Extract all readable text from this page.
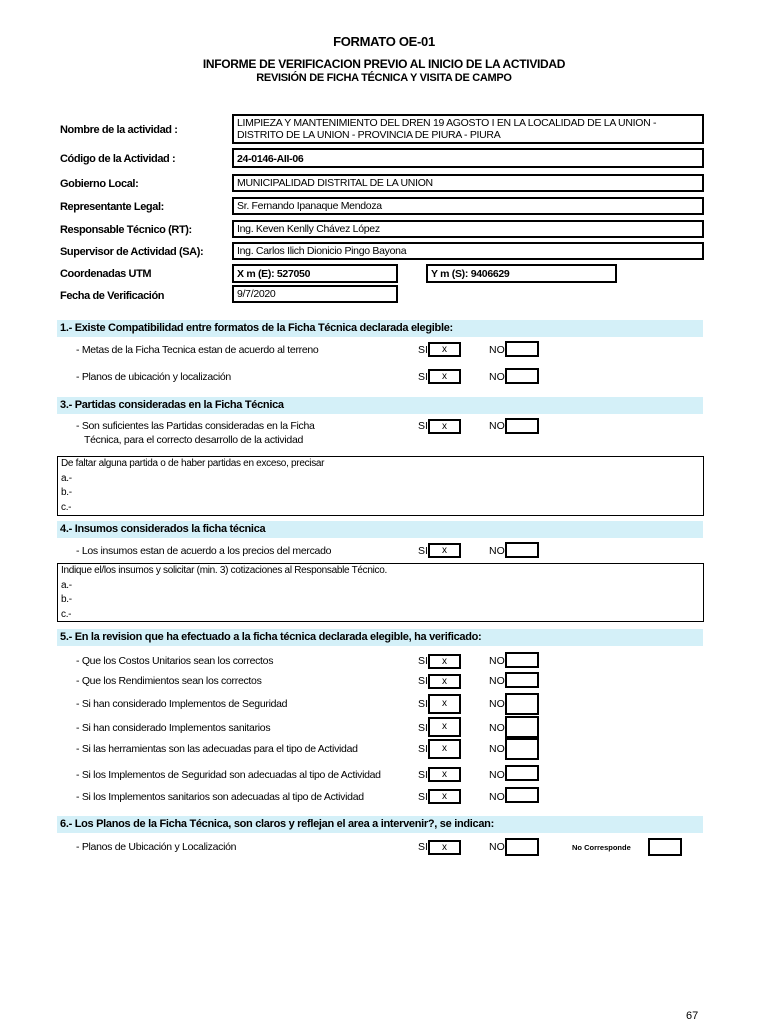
FORMATO OE-01
INFORME DE VERIFICACION PREVIO AL INICIO DE LA ACTIVIDAD
REVISIÓN DE FICHA TÉCNICA Y VISITA DE CAMPO
Nombre de la actividad :
LIMPIEZA Y MANTENIMIENTO DEL DREN 19 AGOSTO I EN LA LOCALIDAD DE LA UNION - DISTRITO DE LA UNION - PROVINCIA DE PIURA - PIURA
Código de la Actividad :	24-0146-AII-06
Gobierno Local:	MUNICIPALIDAD DISTRITAL DE LA UNION
Representante Legal:	Sr. Fernando Ipanaque Mendoza
Responsable Técnico (RT):	Ing. Keven Kenlly Chávez López
Supervisor de Actividad (SA):	Ing. Carlos Ilich Dionicio Pingo Bayona
Coordenadas UTM	X m (E): 527050	Y m (S): 9406629
Fecha de Verificación	9/7/2020
1.- Existe Compatibilidad entre formatos de la Ficha Técnica declarada elegible:
- Metas de la Ficha Tecnica estan de acuerdo al terreno	SI	x	NO
- Planos de ubicación y localización	SI	x	NO
3.- Partidas consideradas en la Ficha Técnica
- Son suficientes las Partidas consideradas en la Ficha
Técnica, para el correcto desarrollo de la actividad
SI	x	NO
De faltar alguna partida o de haber partidas en exceso, precisar
a.-
b.-
c.-
4.- Insumos considerados la ficha técnica
- Los insumos estan de acuerdo a los precios del mercado	SI	x	NO
Indique el/los insumos y solicitar (min. 3) cotizaciones al Responsable Técnico.
a.-
b.-
c.-
5.- En la revision que ha efectuado a la ficha técnica declarada elegible, ha verificado:
- Que los Costos Unitarios sean los correctos	SI	x	NO
- Que los Rendimientos sean los correctos	SI	x	NO
- Si han considerado Implementos de Seguridad	SI	x	NO
- Si han considerado Implementos sanitarios	SI	x	NO
- Si las herramientas son las adecuadas para el tipo de Actividad	SI	x	NO
- Si los Implementos de Seguridad son adecuadas al tipo de Actividad	SI	x	NO
- Si los Implementos sanitarios son adecuadas al tipo de Actividad	SI	x	NO
6.- Los Planos de la Ficha Técnica, son claros y reflejan el area a intervenir?, se indican:
- Planos de Ubicación y Localización	SI	x	NO	No Corresponde
67
